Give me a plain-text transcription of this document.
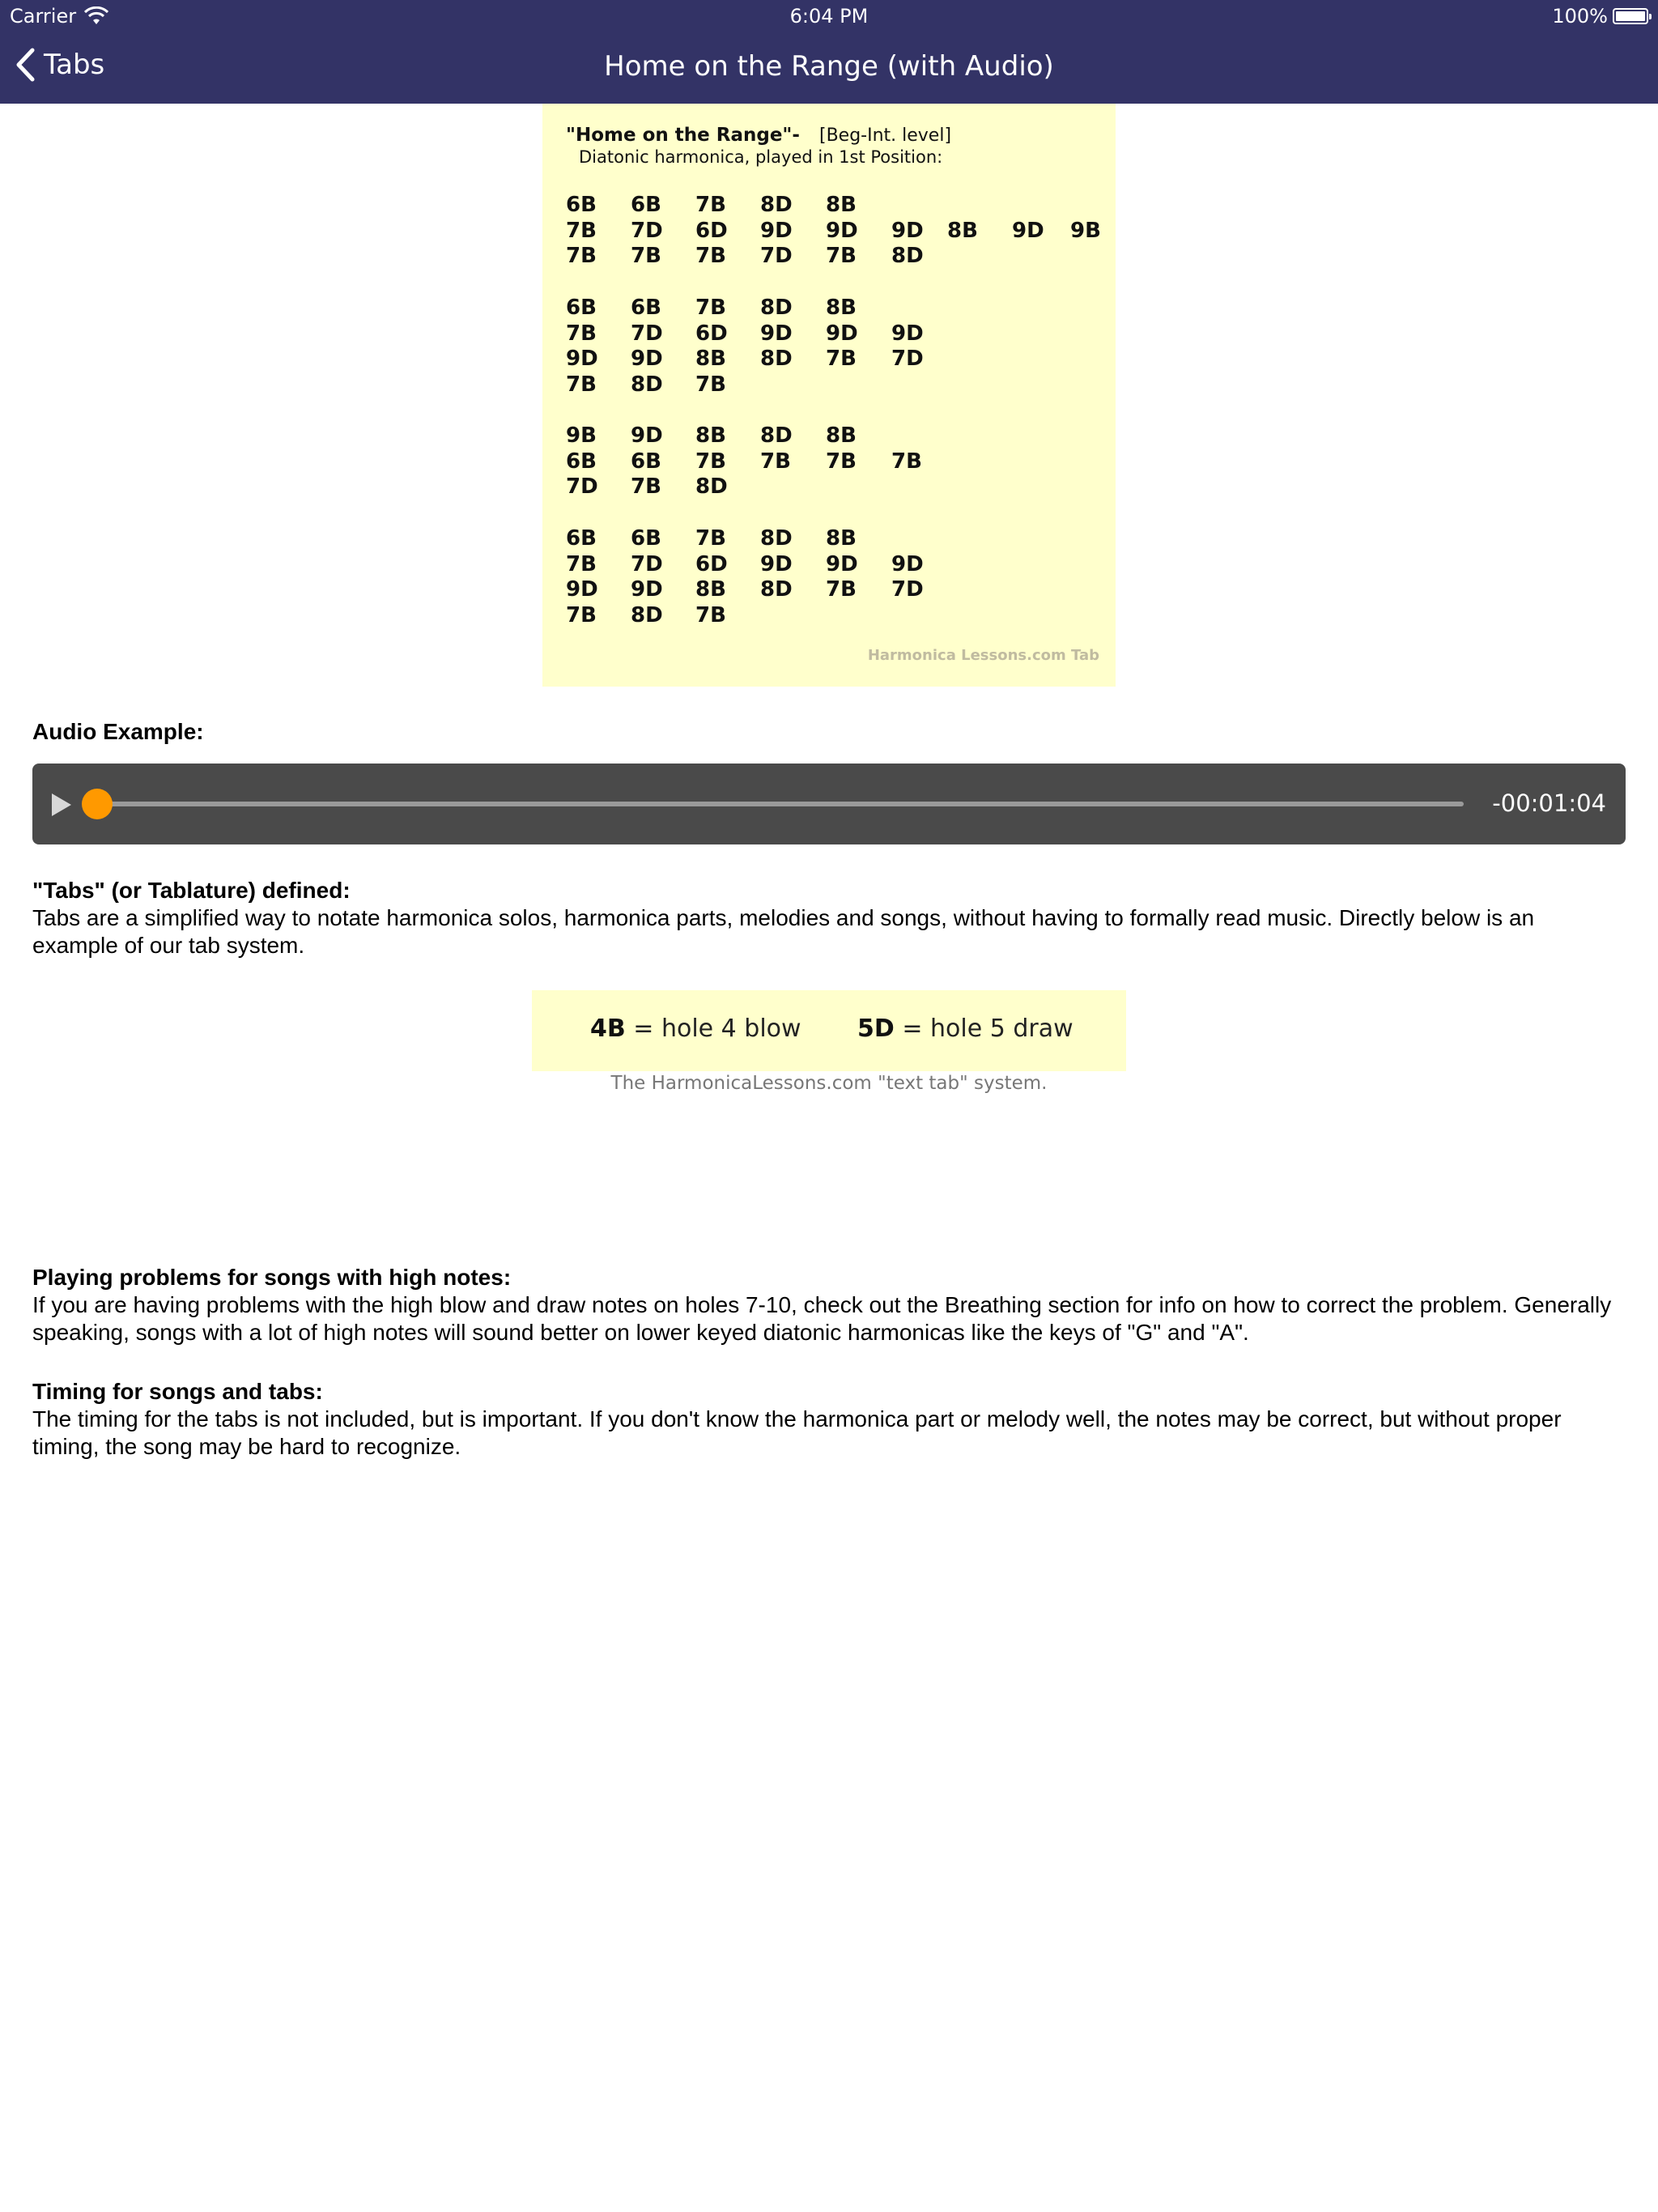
Carrier	6:04 PM	100%
Tabs	Home on the Range (with Audio)
"Home on the Range"- [Beg-Int. level]
Diatonic harmonica, played in 1st Position:
6B 6B 7B 8D 8B
7B 7D 6D 9D 9D 9D 8B 9D 9B
7B 7B 7B 7D 7B 8D
6B 6B 7B 8D 8B
7B 7D 6D 9D 9D 9D
9D 9D 8B 8D 7B 7D
7B 8D 7B
9B 9D 8B 8D 8B
6B 6B 7B 7B 7B 7B
7D 7B 8D
6B 6B 7B 8D 8B
7B 7D 6D 9D 9D 9D
9D 9D 8B 8D 7B 7D
7B 8D 7B
Harmonica Lessons.com Tab
Audio Example:
-00:01:04
"Tabs" (or Tablature) defined:
Tabs are a simplified way to notate harmonica solos, harmonica parts, melodies and songs, without having to formally read music. Directly below is an example of our tab system.
4B = hole 4 blow 5D = hole 5 draw
The HarmonicaLessons.com "text tab" system.
Playing problems for songs with high notes:
If you are having problems with the high blow and draw notes on holes 7-10, check out the Breathing section for info on how to correct the problem. Generally speaking, songs with a lot of high notes will sound better on lower keyed diatonic harmonicas like the keys of "G" and "A".
Timing for songs and tabs:
The timing for the tabs is not included, but is important. If you don't know the harmonica part or melody well, the notes may be correct, but without proper timing, the song may be hard to recognize.
